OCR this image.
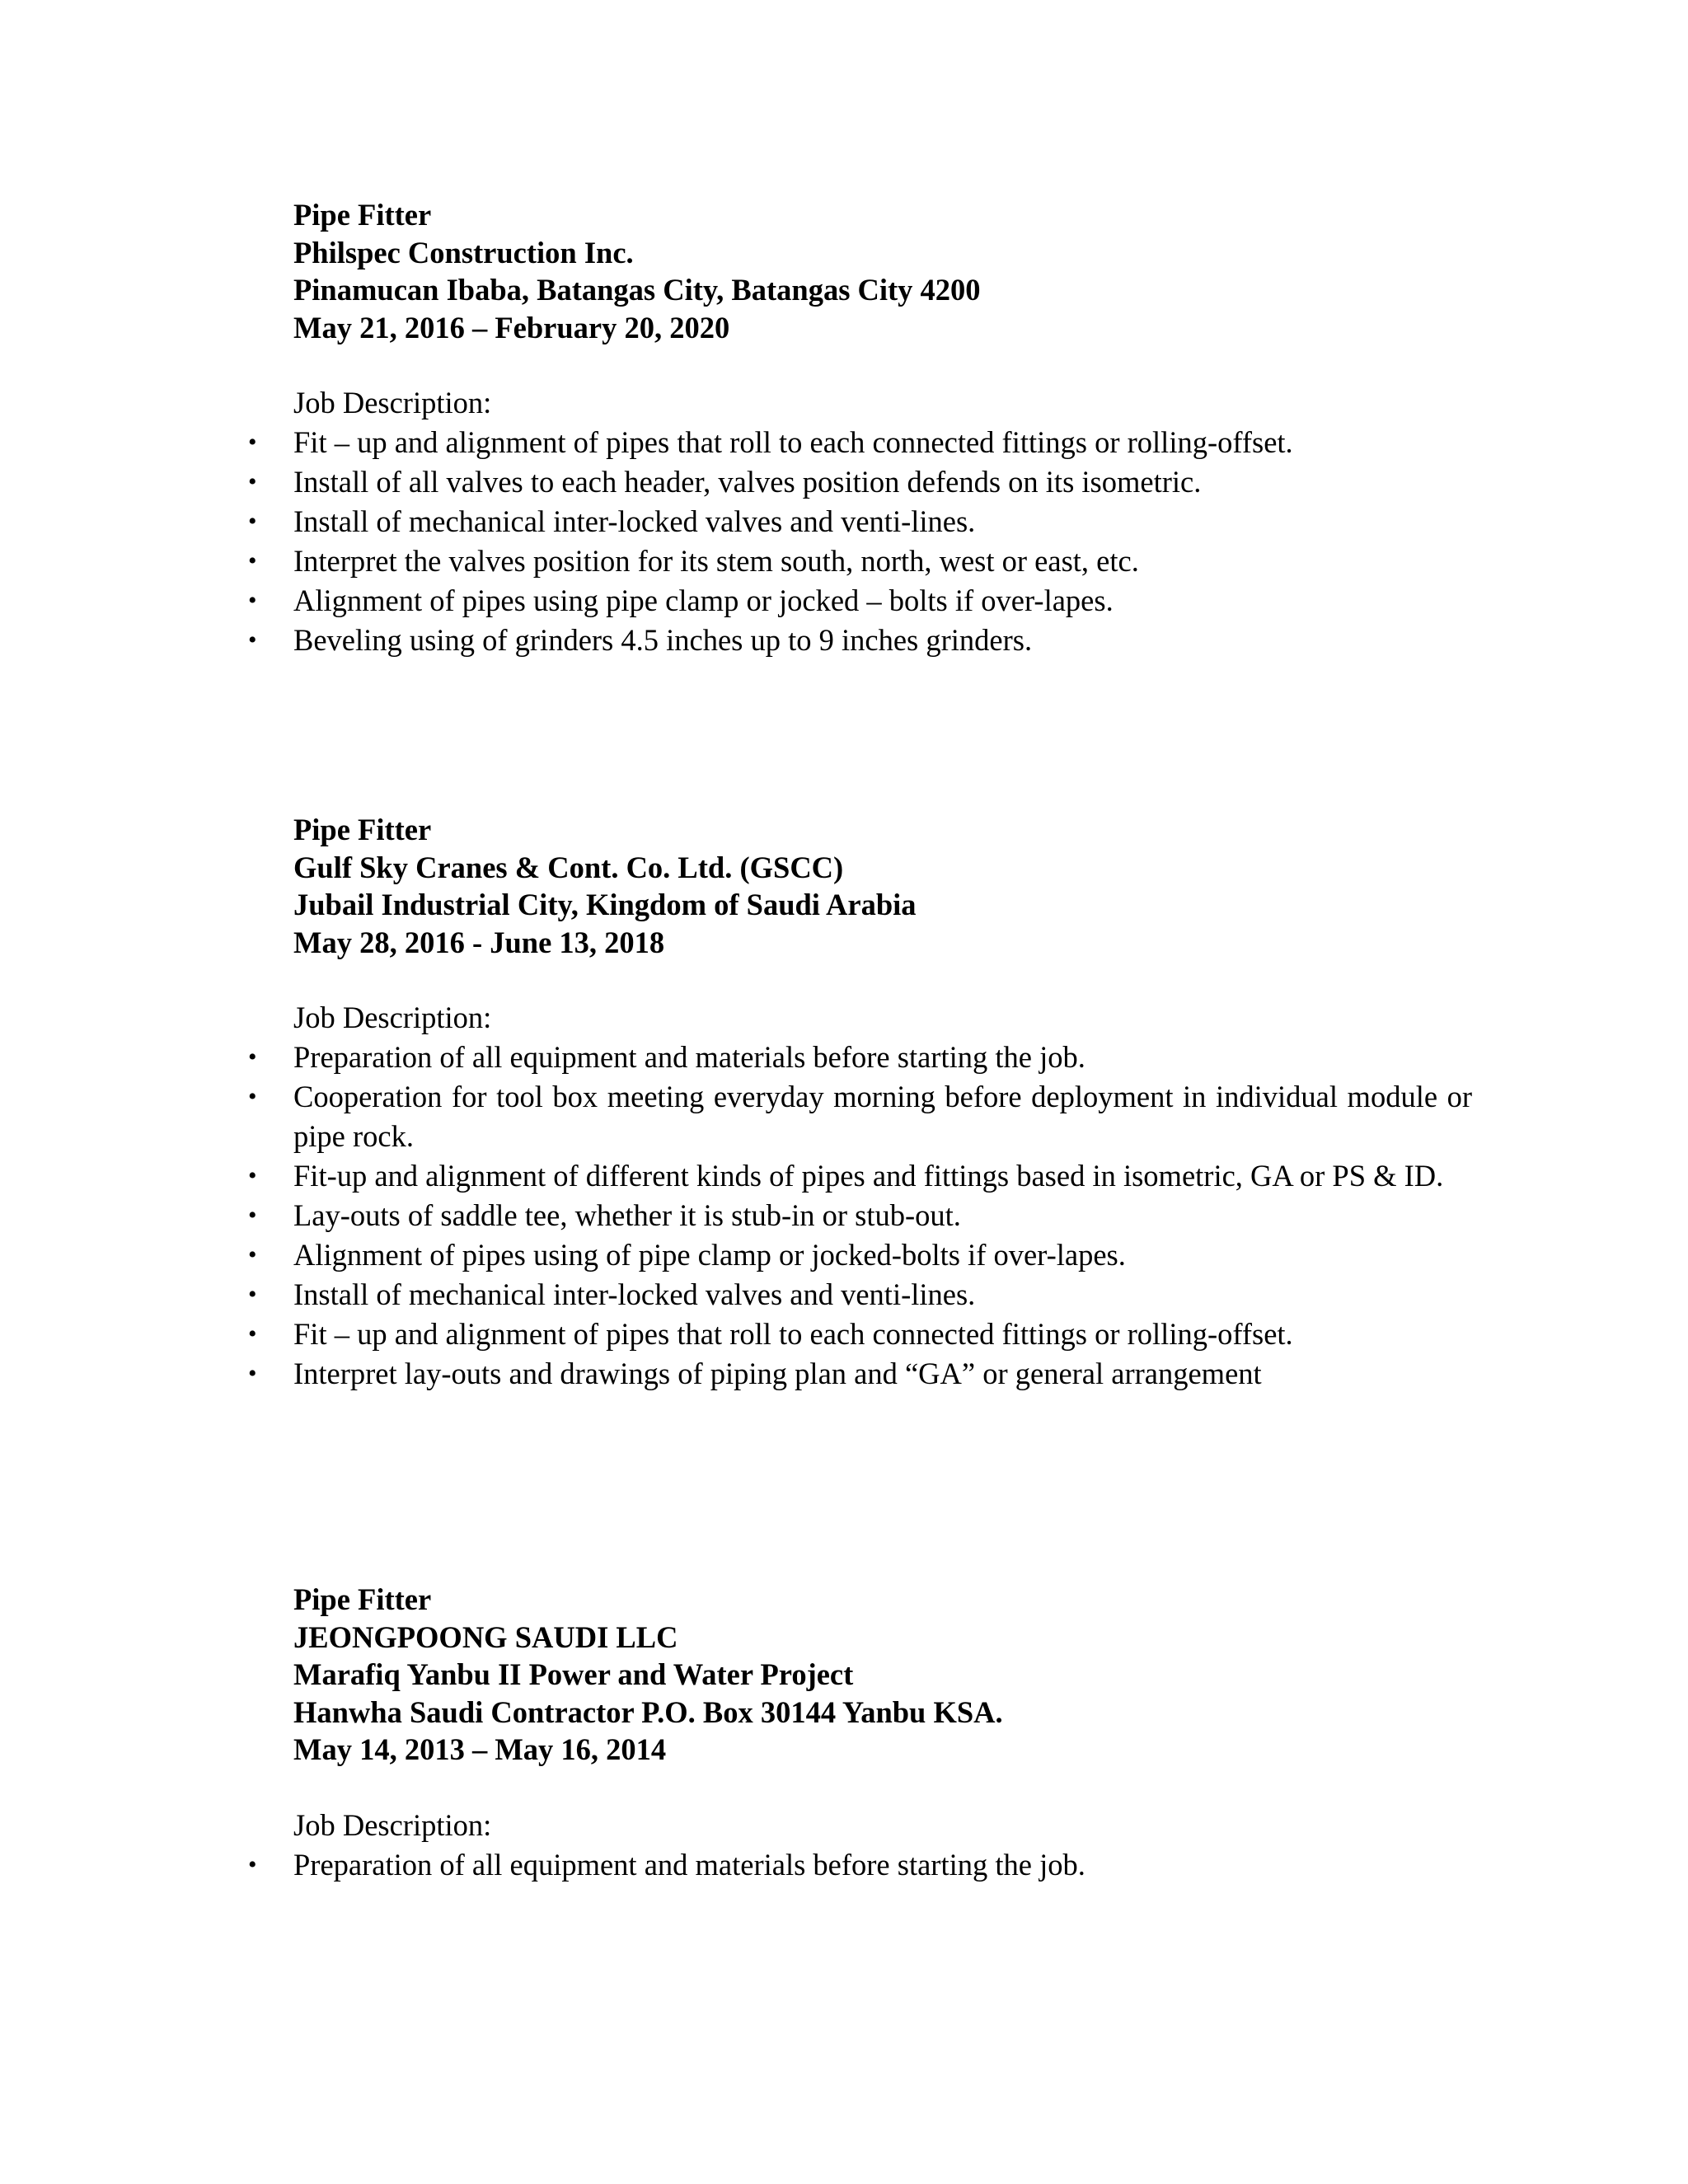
Pipe Fitter
Philspec Construction Inc.
Pinamucan Ibaba, Batangas City, Batangas City 4200
May 21, 2016 – February 20, 2020
Job Description:
• Fit – up and alignment of pipes that roll to each connected fittings or rolling-offset.
• Install of all valves to each header, valves position defends on its isometric.
• Install of mechanical inter-locked valves and venti-lines.
• Interpret the valves position for its stem south, north, west or east, etc.
• Alignment of pipes using pipe clamp or jocked – bolts if over-lapes.
• Beveling using of grinders 4.5 inches up to 9 inches grinders.
Pipe Fitter
Gulf Sky Cranes & Cont. Co. Ltd. (GSCC)
Jubail Industrial City, Kingdom of Saudi Arabia
May 28, 2016 - June 13, 2018
Job Description:
• Preparation of all equipment and materials before starting the job.
• Cooperation for tool box meeting everyday morning before deployment in individual module or pipe rock.
• Fit-up and alignment of different kinds of pipes and fittings based in isometric, GA or PS & ID.
• Lay-outs of saddle tee, whether it is stub-in or stub-out.
• Alignment of pipes using of pipe clamp or jocked-bolts if over-lapes.
• Install of mechanical inter-locked valves and venti-lines.
• Fit – up and alignment of pipes that roll to each connected fittings or rolling-offset.
• Interpret lay-outs and drawings of piping plan and “GA” or general arrangement
Pipe Fitter
JEONGPOONG SAUDI LLC
Marafiq Yanbu II Power and Water Project
Hanwha Saudi Contractor P.O. Box 30144 Yanbu KSA.
May 14, 2013 – May 16, 2014
Job Description:
• Preparation of all equipment and materials before starting the job.
